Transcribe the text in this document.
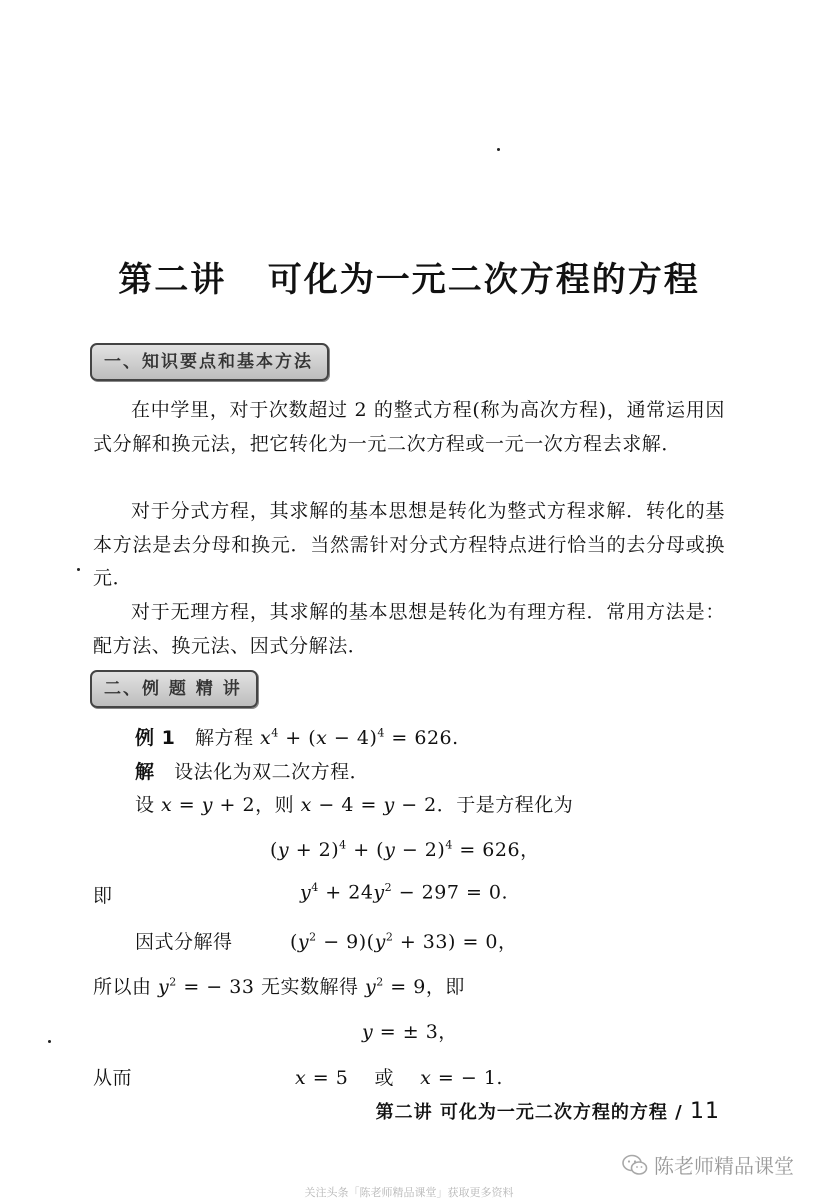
第二讲   可化为一元二次方程的方程
一、知识要点和基本方法

在中学里，对于次数超过 2 的整式方程(称为高次方程)，通常运用因式分解和换元法，把它转化为一元二次方程或一元一次方程去求解．

对于分式方程，其求解的基本思想是转化为整式方程求解．转化的基本方法是去分母和换元．当然需针对分式方程特点进行恰当的去分母或换元．

对于无理方程，其求解的基本思想是转化为有理方程．常用方法是：配方法、换元法、因式分解法．

二、例 题 精 讲
例 1 解方程 $x^4 + (x - 4)^4 = 626$.
解 设法化为双二次方程．
设 x = y + 2，则 x − 4 = y − 2．于是方程化为
$(y + 2)^4 + (y - 2)^4 = 626$，
即	$y^4 + 24y^2 - 297 = 0$.
因式分解得	$(y^2 - 9)(y^2 + 33) = 0$，
所以由 $y^2$ = − 33 无实数解得 $y^2 = 9$，即
y = ± 3，
从而	x = 5    或 x = − 1.
第二讲 可化为一元二次方程的方程 / 11
陈老师精品课堂
关注头条「陈老师精品课堂」获取更多资料
